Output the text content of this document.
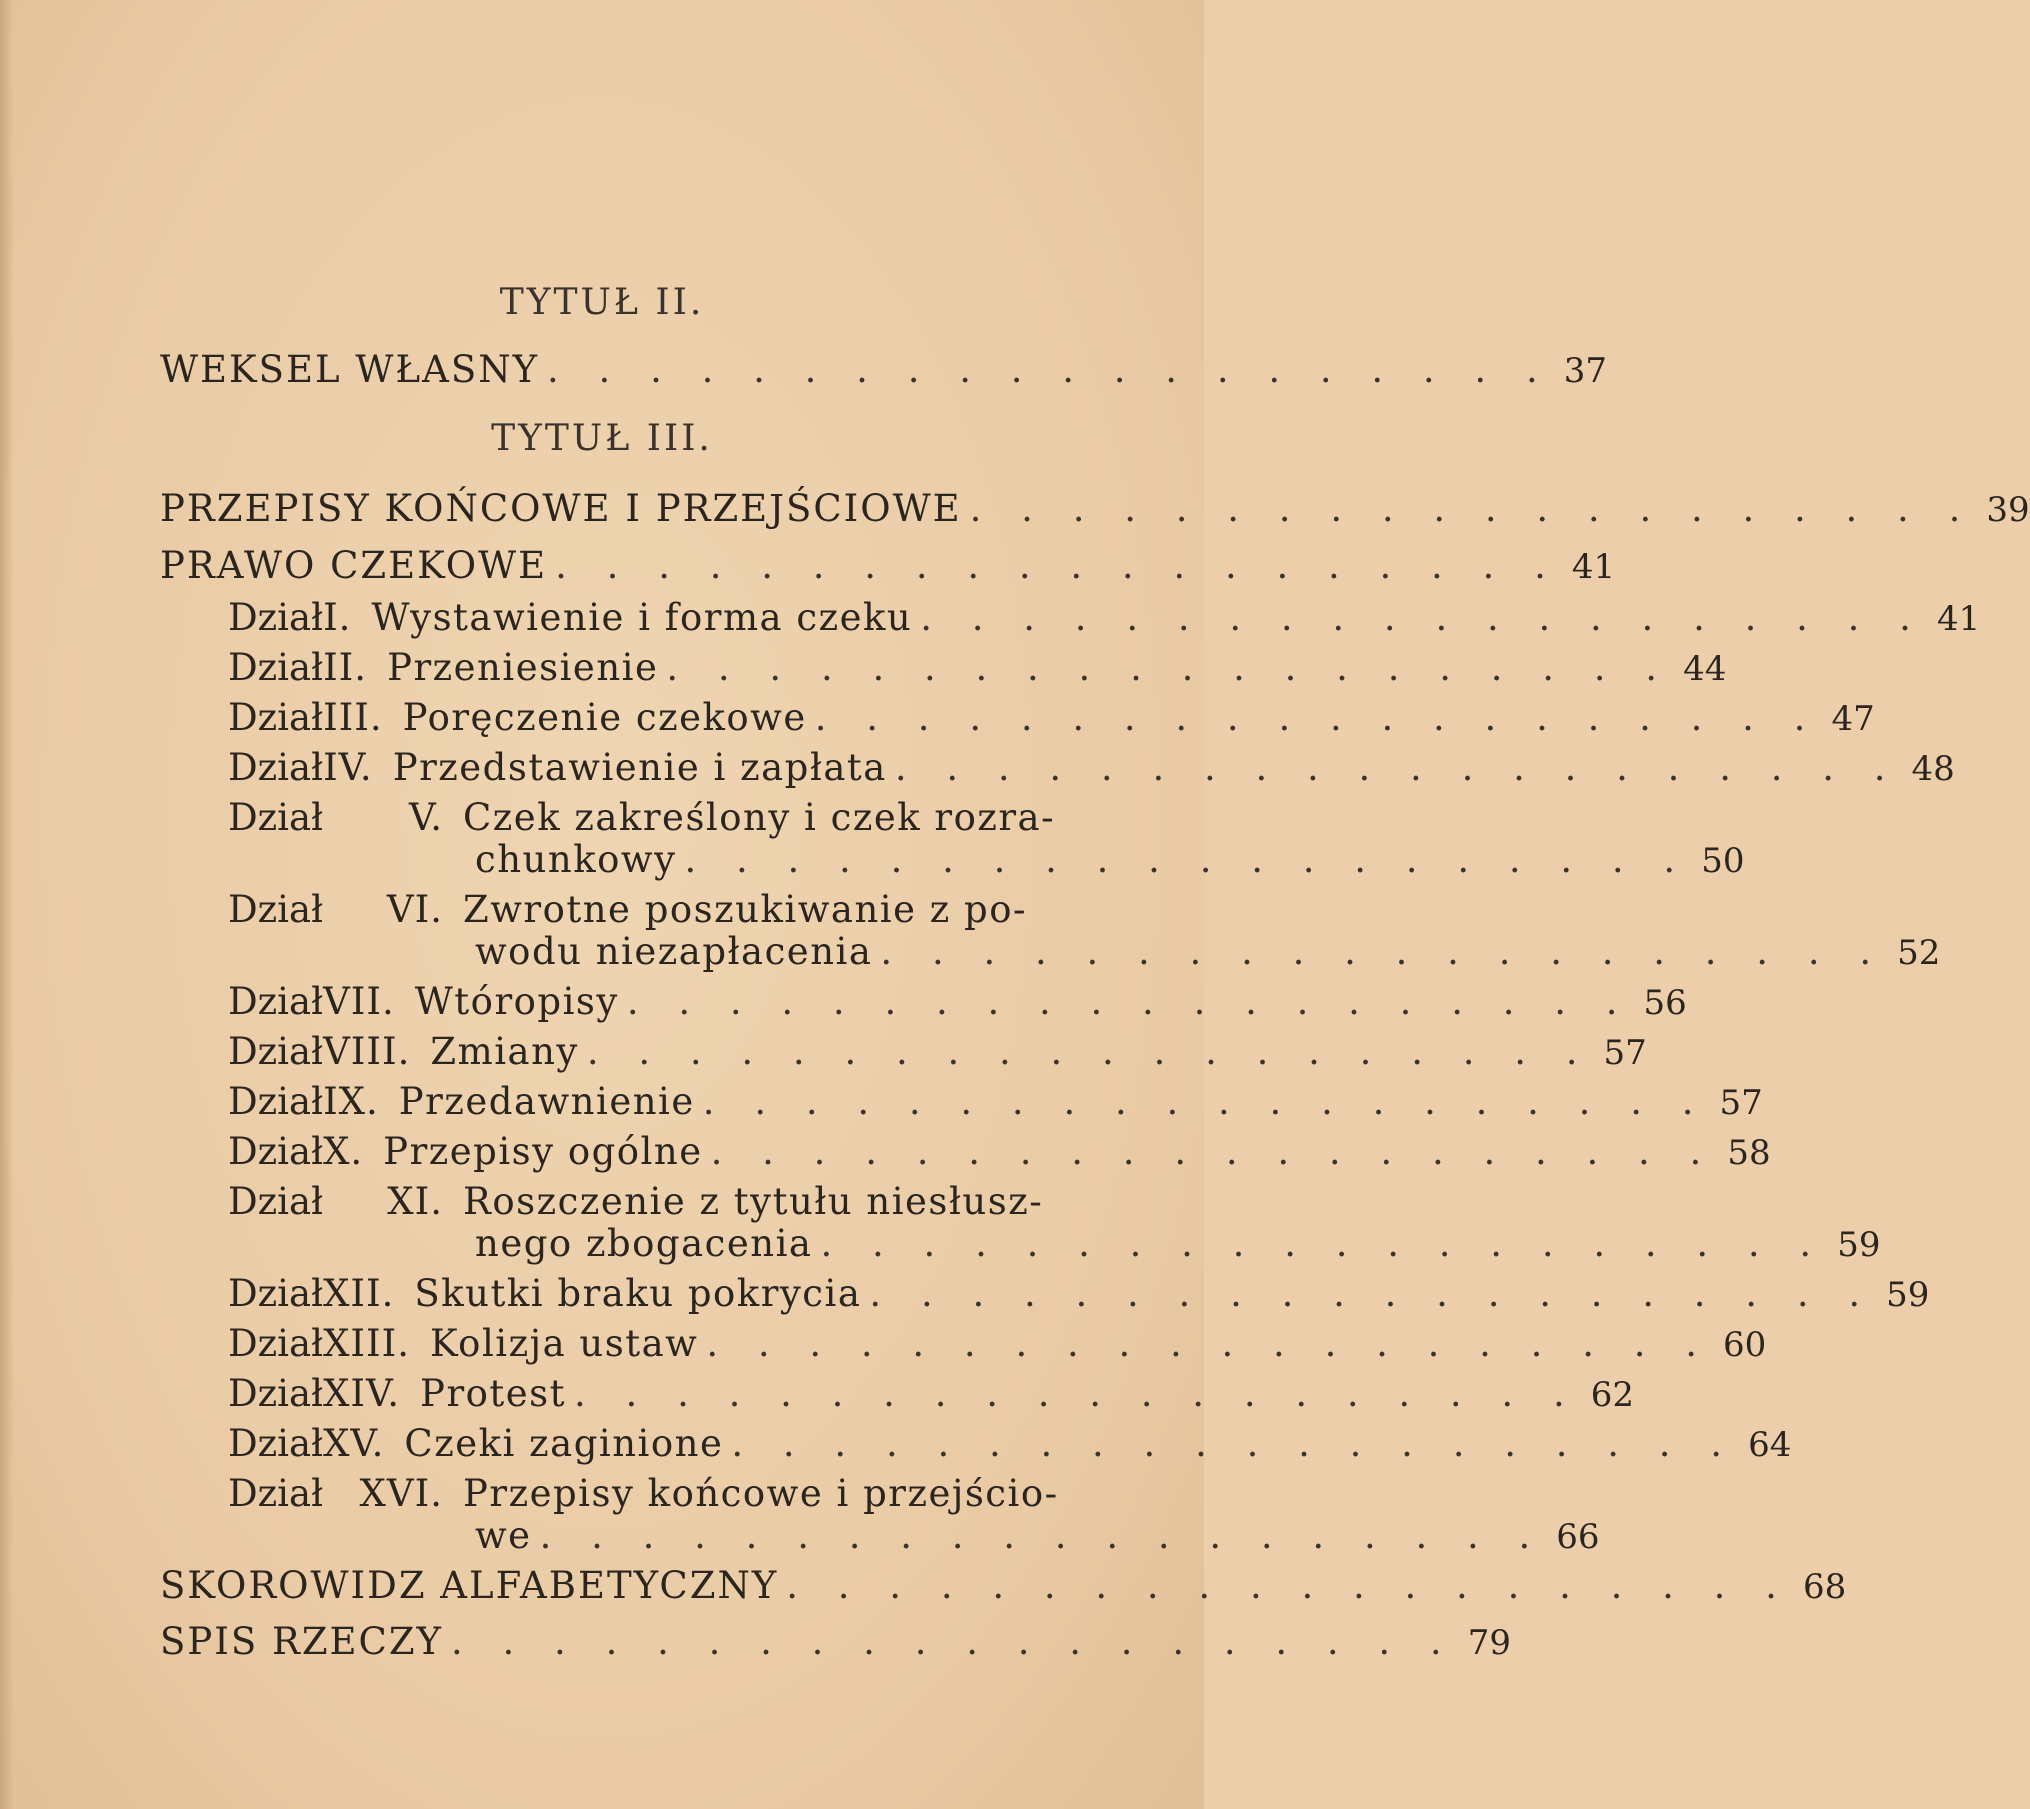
TYTUŁ II.
WEKSEL WŁASNY . . . . . . . . . . . . . . . . . . . . 37
TYTUŁ III.
PRZEPISY KOŃCOWE I PRZEJŚCIOWE . . . . . . . . . . . . . . . . . . . . 39
PRAWO CZEKOWE . . . . . . . . . . . . . . . . . . . . 41
Dział I. Wystawienie i forma czeku . . . . . . . . . . . . . . . . . . . . 41
Dział II. Przeniesienie . . . . . . . . . . . . . . . . . . . . 44
Dział III. Poręczenie czekowe . . . . . . . . . . . . . . . . . . . . 47
Dział IV. Przedstawienie i zapłata . . . . . . . . . . . . . . . . . . . . 48
Dział	V. Czek zakreślony i czek rozra-
chunkowy . . . . . . . . . . . . . . . . . . . . 50
Dział	VI. Zwrotne poszukiwanie z po-
wodu niezapłacenia . . . . . . . . . . . . . . . . . . . . 52
Dział VII. Wtóropisy . . . . . . . . . . . . . . . . . . . . 56
Dział VIII. Zmiany . . . . . . . . . . . . . . . . . . . . 57
Dział IX. Przedawnienie . . . . . . . . . . . . . . . . . . . . 57
Dział X. Przepisy ogólne . . . . . . . . . . . . . . . . . . . . 58
Dział	XI. Roszczenie z tytułu niesłusz-
nego zbogacenia . . . . . . . . . . . . . . . . . . . . 59
Dział XII. Skutki braku pokrycia . . . . . . . . . . . . . . . . . . . . 59
Dział XIII. Kolizja ustaw . . . . . . . . . . . . . . . . . . . . 60
Dział XIV. Protest . . . . . . . . . . . . . . . . . . . . 62
Dział XV. Czeki zaginione . . . . . . . . . . . . . . . . . . . . 64
Dział XVI. Przepisy końcowe i przejścio-
we . . . . . . . . . . . . . . . . . . . . 66
SKOROWIDZ ALFABETYCZNY . . . . . . . . . . . . . . . . . . . . 68
SPIS RZECZY . . . . . . . . . . . . . . . . . . . . 79
